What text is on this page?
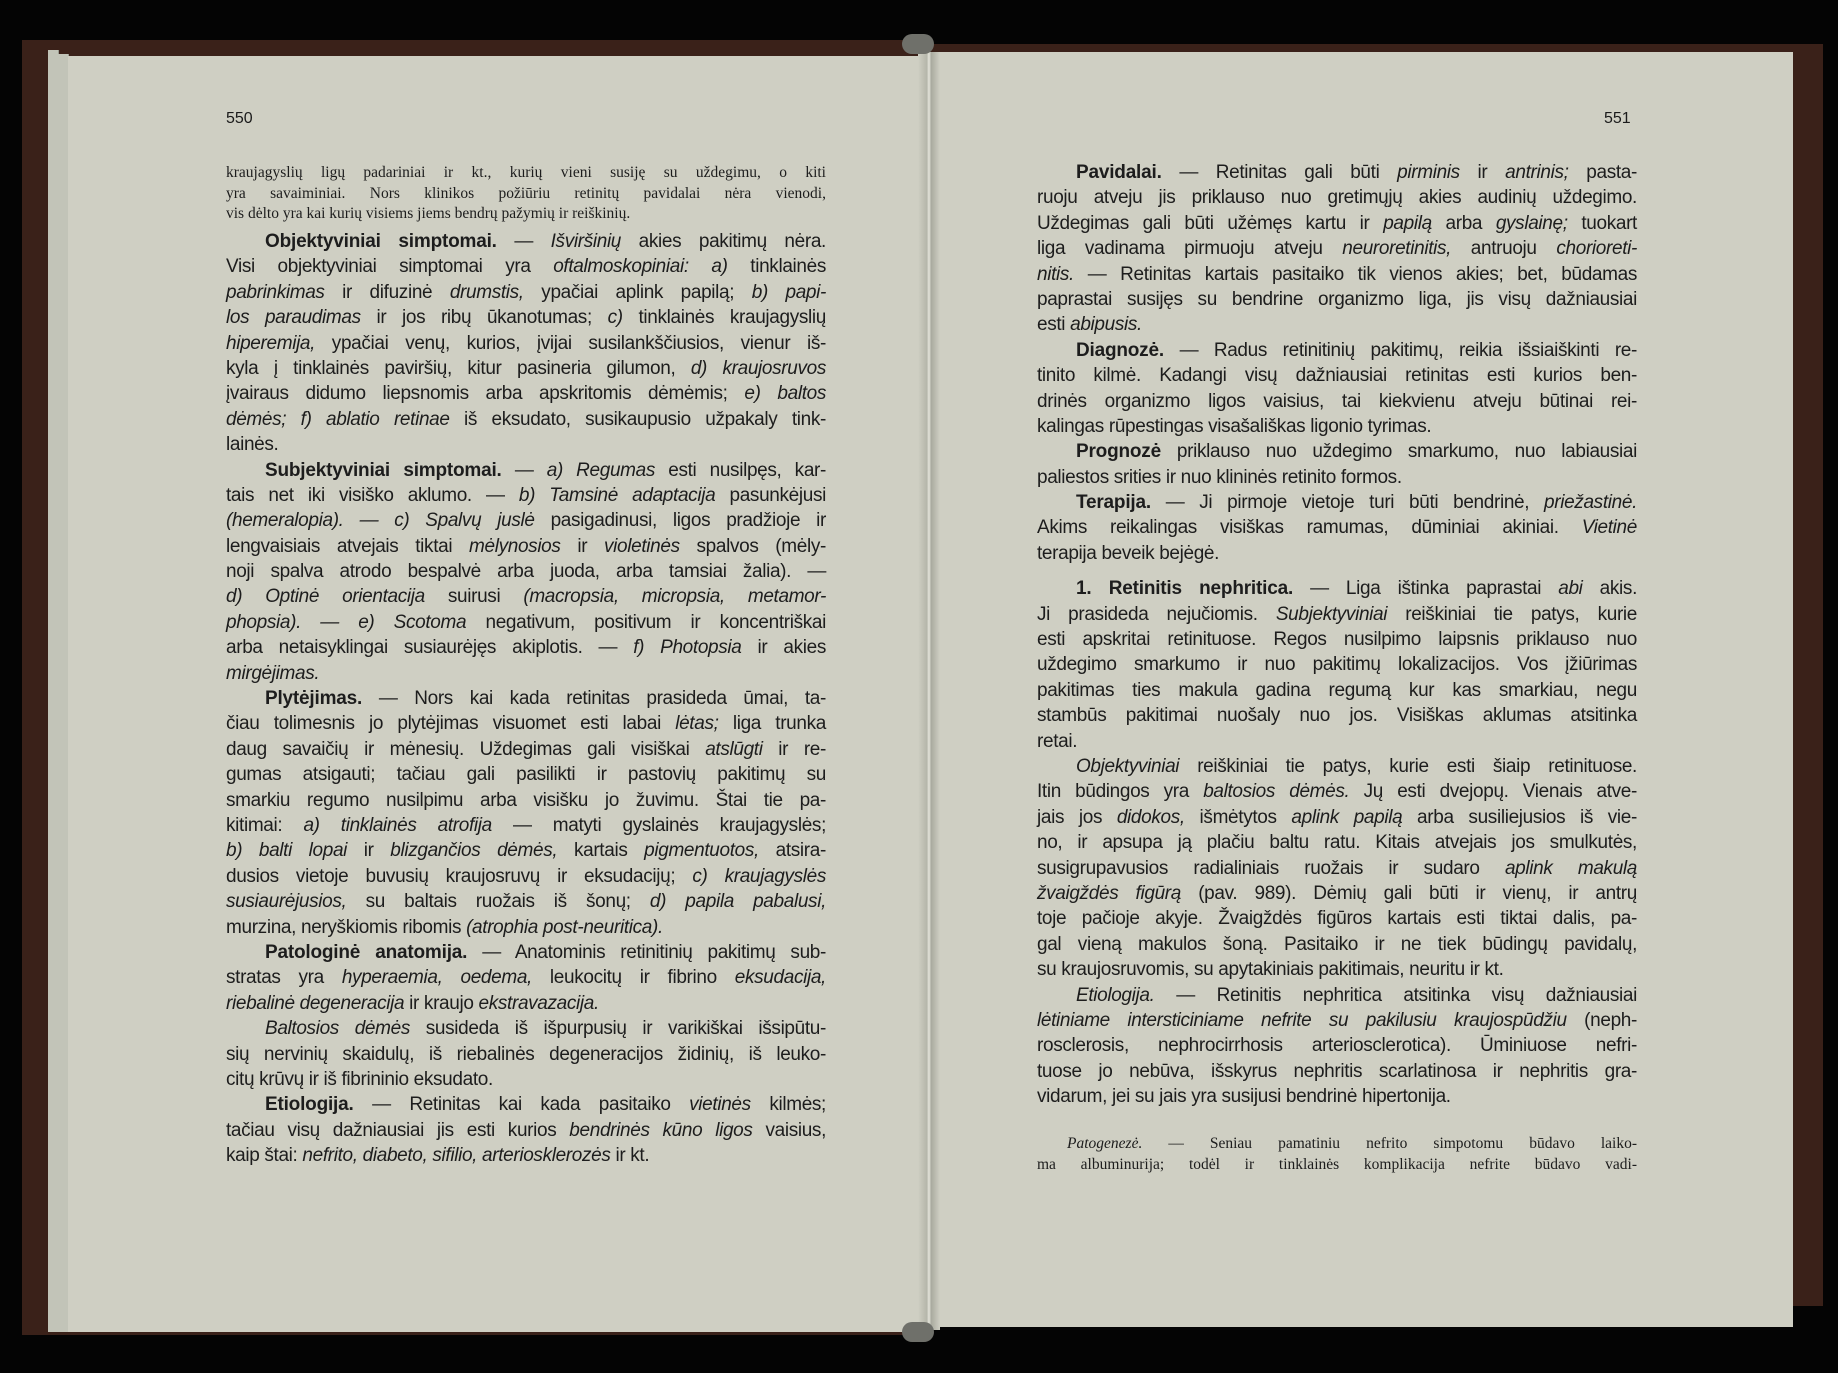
550	551
kraujagyslių ligų padariniai ir kt., kurių vieni susiję su uždegimu, o kiti
yra savaiminiai. Nors klinikos požiūriu retinitų pavidalai nėra vienodi,
vis dėlto yra kai kurių visiems jiems bendrų pažymių ir reiškinių.
Objektyviniai simptomai. — Išviršinių akies pakitimų nėra.
Visi objektyviniai simptomai yra oftalmoskopiniai: a) tinklainės
pabrinkimas ir difuzinė drumstis, ypačiai aplink papilą; b) papi-
los paraudimas ir jos ribų ūkanotumas; c) tinklainės kraujagyslių
hiperemija, ypačiai venų, kurios, įvijai susilankščiusios, vienur iš-
kyla į tinklainės paviršių, kitur pasineria gilumon, d) kraujosruvos
įvairaus didumo liepsnomis arba apskritomis dėmėmis; e) baltos
dėmės; f) ablatio retinae iš eksudato, susikaupusio užpakaly tink-
lainės.
Subjektyviniai simptomai. — a) Regumas esti nusilpęs, kar-
tais net iki visiško aklumo. — b) Tamsinė adaptacija pasunkėjusi
(hemeralopia). — c) Spalvų juslė pasigadinusi, ligos pradžioje ir
lengvaisiais atvejais tiktai mėlynosios ir violetinės spalvos (mėly-
noji spalva atrodo bespalvė arba juoda, arba tamsiai žalia). —
d) Optinė orientacija suirusi (macropsia, micropsia, metamor-
phopsia). — e) Scotoma negativum, positivum ir koncentriškai
arba netaisyklingai susiaurėjęs akiplotis. — f) Photopsia ir akies
mirgėjimas.
Plytėjimas. — Nors kai kada retinitas prasideda ūmai, ta-
čiau tolimesnis jo plytėjimas visuomet esti labai lėtas; liga trunka
daug savaičių ir mėnesių. Uždegimas gali visiškai atslūgti ir re-
gumas atsigauti; tačiau gali pasilikti ir pastovių pakitimų su
smarkiu regumo nusilpimu arba visišku jo žuvimu. Štai tie pa-
kitimai: a) tinklainės atrofija — matyti gyslainės kraujagyslės;
b) balti lopai ir blizgančios dėmės, kartais pigmentuotos, atsira-
dusios vietoje buvusių kraujosruvų ir eksudacijų; c) kraujagyslės
susiaurėjusios, su baltais ruožais iš šonų; d) papila pabalusi,
murzina, neryškiomis ribomis (atrophia post-neuritica).
Patologinė anatomija. — Anatominis retinitinių pakitimų sub-
stratas yra hyperaemia, oedema, leukocitų ir fibrino eksudacija,
riebalinė degeneracija ir kraujo ekstravazacija.
Baltosios dėmės susideda iš išpurpusių ir varikiškai išsipūtu-
sių nervinių skaidulų, iš riebalinės degeneracijos židinių, iš leuko-
citų krūvų ir iš fibrininio eksudato.
Etiologija. — Retinitas kai kada pasitaiko vietinės kilmės;
tačiau visų dažniausiai jis esti kurios bendrinės kūno ligos vaisius,
kaip štai: nefrito, diabeto, sifilio, arteriosklerozės ir kt.
Pavidalai. — Retinitas gali būti pirminis ir antrinis; pasta-
ruoju atveju jis priklauso nuo gretimųjų akies audinių uždegimo.
Uždegimas gali būti užėmęs kartu ir papilą arba gyslainę; tuokart
liga vadinama pirmuoju atveju neuroretinitis, antruoju chorioreti-
nitis. — Retinitas kartais pasitaiko tik vienos akies; bet, būdamas
paprastai susijęs su bendrine organizmo liga, jis visų dažniausiai
esti abipusis.
Diagnozė. — Radus retinitinių pakitimų, reikia išsiaiškinti re-
tinito kilmė. Kadangi visų dažniausiai retinitas esti kurios ben-
drinės organizmo ligos vaisius, tai kiekvienu atveju būtinai rei-
kalingas rūpestingas visašališkas ligonio tyrimas.
Prognozė priklauso nuo uždegimo smarkumo, nuo labiausiai
paliestos srities ir nuo klininės retinito formos.
Terapija. — Ji pirmoje vietoje turi būti bendrinė, priežastinė.
Akims reikalingas visiškas ramumas, dūminiai akiniai. Vietinė
terapija beveik bejėgė.
1. Retinitis nephritica. — Liga ištinka paprastai abi akis.
Ji prasideda nejučiomis. Subjektyviniai reiškiniai tie patys, kurie
esti apskritai retinituose. Regos nusilpimo laipsnis priklauso nuo
uždegimo smarkumo ir nuo pakitimų lokalizacijos. Vos įžiūrimas
pakitimas ties makula gadina regumą kur kas smarkiau, negu
stambūs pakitimai nuošaly nuo jos. Visiškas aklumas atsitinka
retai.
Objektyviniai reiškiniai tie patys, kurie esti šiaip retinituose.
Itin būdingos yra baltosios dėmės. Jų esti dvejopų. Vienais atve-
jais jos didokos, išmėtytos aplink papilą arba susiliejusios iš vie-
no, ir apsupa ją plačiu baltu ratu. Kitais atvejais jos smulkutės,
susigrupavusios radialiniais ruožais ir sudaro aplink makulą
žvaigždės figūrą (pav. 989). Dėmių gali būti ir vienų, ir antrų
toje pačioje akyje. Žvaigždės figūros kartais esti tiktai dalis, pa-
gal vieną makulos šoną. Pasitaiko ir ne tiek būdingų pavidalų,
su kraujosruvomis, su apytakiniais pakitimais, neuritu ir kt.
Etiologija. — Retinitis nephritica atsitinka visų dažniausiai
lėtiniame intersticiniame nefrite su pakilusiu kraujospūdžiu (neph-
rosclerosis, nephrocirrhosis arteriosclerotica). Ūminiuose nefri-
tuose jo nebūva, išskyrus nephritis scarlatinosa ir nephritis gra-
vidarum, jei su jais yra susijusi bendrinė hipertonija.
Patogenezė. — Seniau pamatiniu nefrito simpotomu būdavo laiko-
ma albuminurija; todėl ir tinklainės komplikacija nefrite būdavo vadi-
